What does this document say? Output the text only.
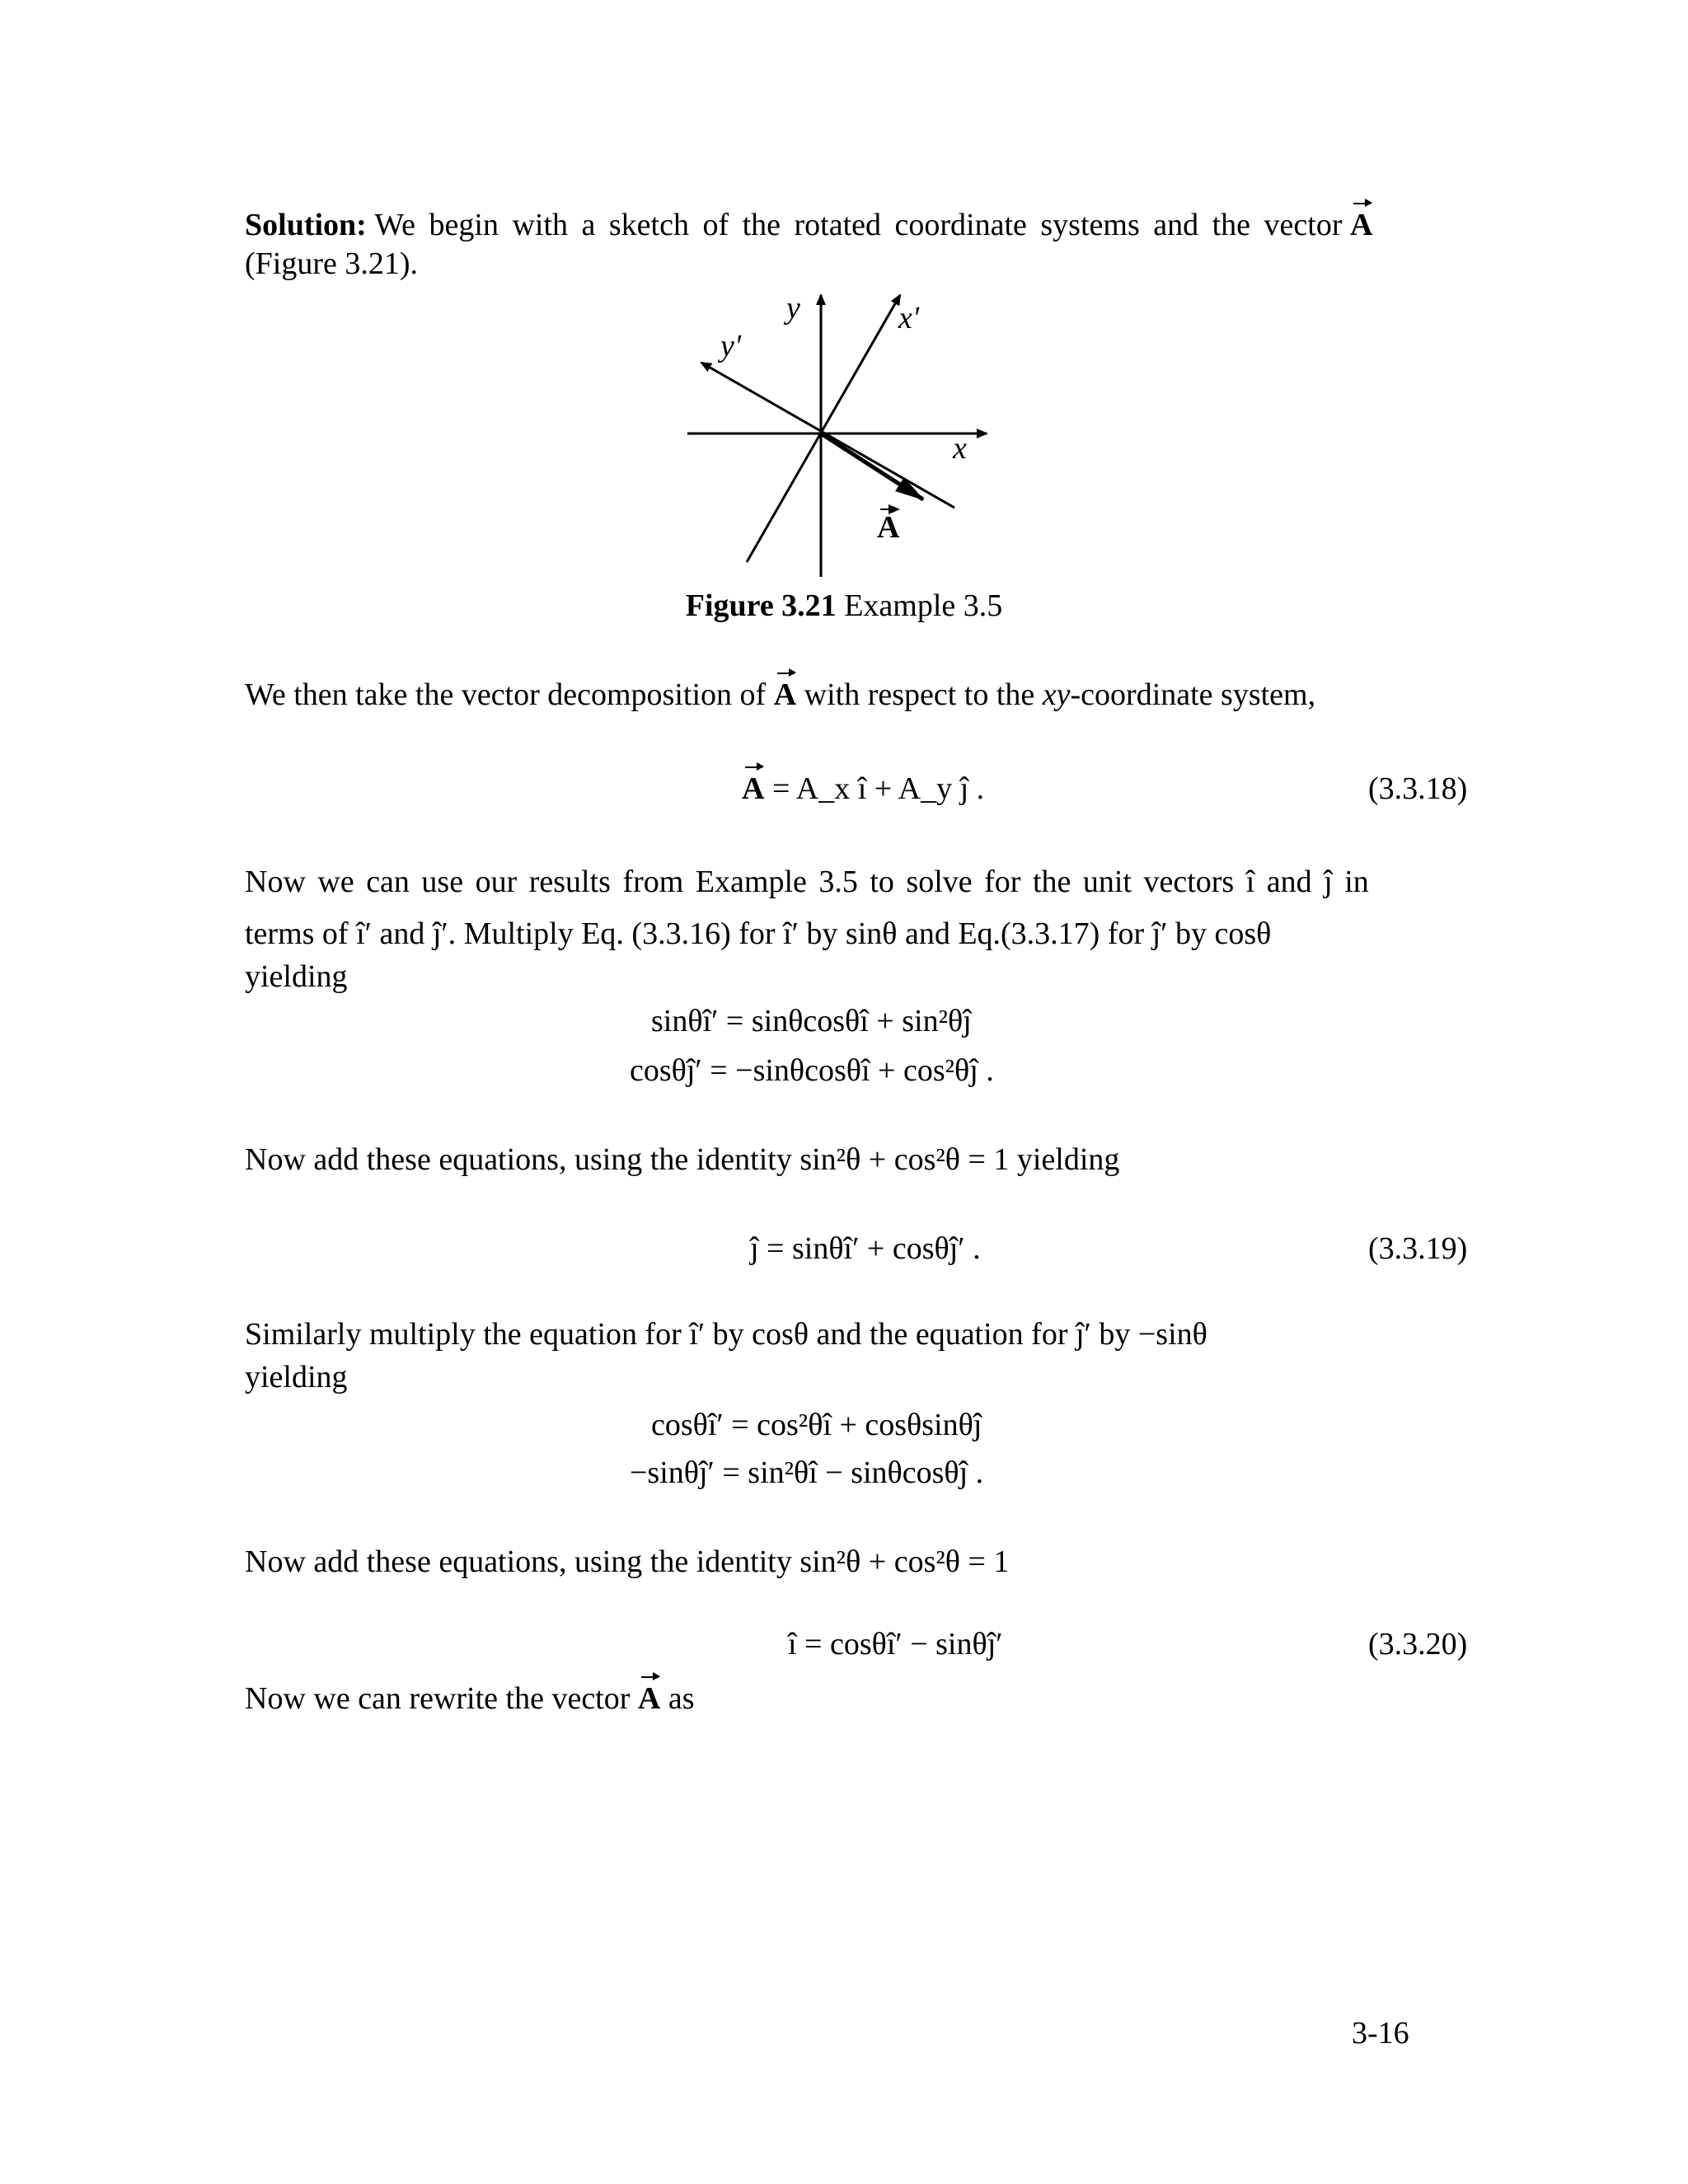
Solution: We begin with a sketch of the rotated coordinate systems and the vector A
(Figure 3.21).
y	x'
y'
x
A
Figure 3.21 Example 3.5
We then take the vector decomposition of A with respect to the xy-coordinate system,
A = A_x î + A_y ĵ .	(3.3.18)
Now we can use our results from Example 3.5 to solve for the unit vectors î and ĵ in
terms of î′ and ĵ′. Multiply Eq. (3.3.16) for î′ by sinθ and Eq.(3.3.17) for ĵ′ by cosθ
yielding
sinθî′ = sinθcosθî + sin²θĵ
cosθĵ′ = −sinθcosθî + cos²θĵ .
Now add these equations, using the identity sin²θ + cos²θ = 1 yielding
ĵ = sinθî′ + cosθĵ′ .	(3.3.19)
Similarly multiply the equation for î′ by cosθ and the equation for ĵ′ by −sinθ
yielding
cosθî′ = cos²θî + cosθsinθĵ
−sinθĵ′ = sin²θî − sinθcosθĵ .
Now add these equations, using the identity sin²θ + cos²θ = 1
î = cosθî′ − sinθĵ′	(3.3.20)
Now we can rewrite the vector A as
3-16
